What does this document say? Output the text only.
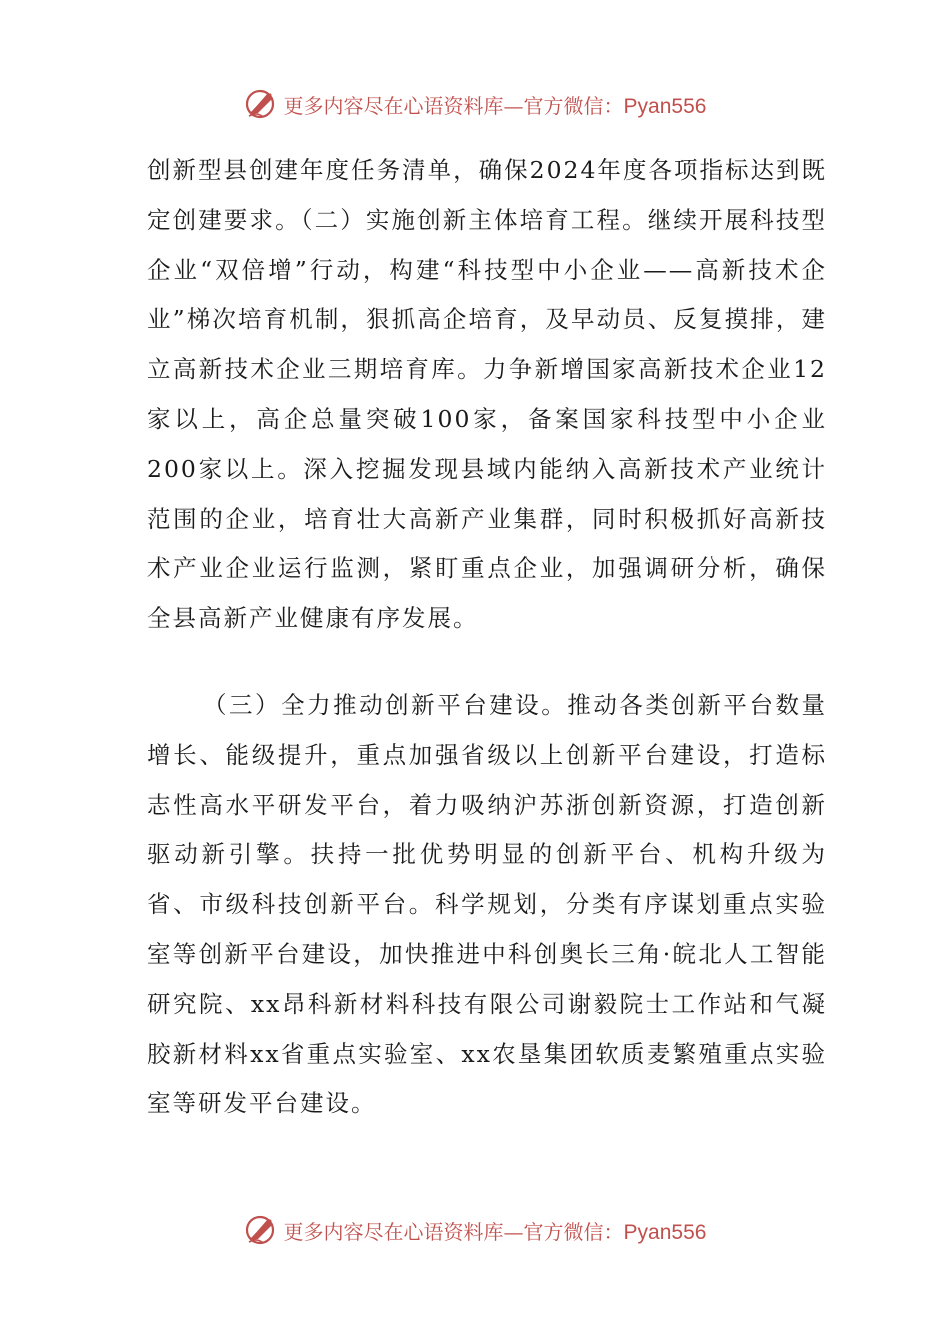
更多内容尽在心语资料库—官方微信：Pyan556

创新型县创建年度任务清单，确保2024年度各项指标达到既定创建要求。（二）实施创新主体培育工程。继续开展科技型企业“双倍增”行动，构建“科技型中小企业——高新技术企业”梯次培育机制，狠抓高企培育，及早动员、反复摸排，建立高新技术企业三期培育库。力争新增国家高新技术企业12家以上，高企总量突破100家，备案国家科技型中小企业200家以上。深入挖掘发现县域内能纳入高新技术产业统计范围的企业，培育壮大高新产业集群，同时积极抓好高新技术产业企业运行监测，紧盯重点企业，加强调研分析，确保全县高新产业健康有序发展。

（三）全力推动创新平台建设。推动各类创新平台数量增长、能级提升，重点加强省级以上创新平台建设，打造标志性高水平研发平台，着力吸纳沪苏浙创新资源，打造创新驱动新引擎。扶持一批优势明显的创新平台、机构升级为省、市级科技创新平台。科学规划，分类有序谋划重点实验室等创新平台建设，加快推进中科创奥长三角·皖北人工智能研究院、xx昂科新材料科技有限公司谢毅院士工作站和气凝胶新材料xx省重点实验室、xx农垦集团软质麦繁殖重点实验室等研发平台建设。

更多内容尽在心语资料库—官方微信：Pyan556
